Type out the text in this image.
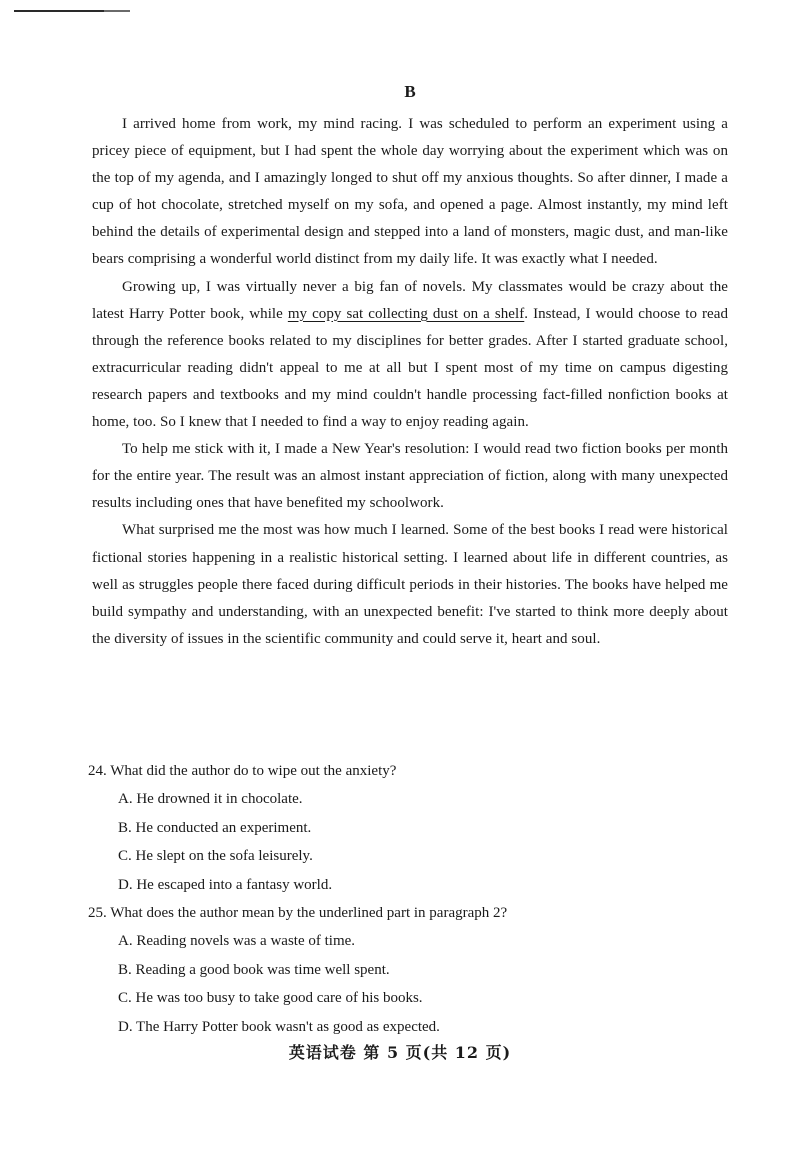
B

I arrived home from work, my mind racing. I was scheduled to perform an experiment using a pricey piece of equipment, but I had spent the whole day worrying about the experiment which was on the top of my agenda, and I amazingly longed to shut off my anxious thoughts. So after dinner, I made a cup of hot chocolate, stretched myself on my sofa, and opened a page. Almost instantly, my mind left behind the details of experimental design and stepped into a land of monsters, magic dust, and man-like bears comprising a wonderful world distinct from my daily life. It was exactly what I needed.

Growing up, I was virtually never a big fan of novels. My classmates would be crazy about the latest Harry Potter book, while my copy sat collecting dust on a shelf. Instead, I would choose to read through the reference books related to my disciplines for better grades. After I started graduate school, extracurricular reading didn't appeal to me at all but I spent most of my time on campus digesting research papers and textbooks and my mind couldn't handle processing fact-filled nonfiction books at home, too. So I knew that I needed to find a way to enjoy reading again.

To help me stick with it, I made a New Year's resolution: I would read two fiction books per month for the entire year. The result was an almost instant appreciation of fiction, along with many unexpected results including ones that have benefited my schoolwork.

What surprised me the most was how much I learned. Some of the best books I read were historical fictional stories happening in a realistic historical setting. I learned about life in different countries, as well as struggles people there faced during difficult periods in their histories. The books have helped me build sympathy and understanding, with an unexpected benefit: I've started to think more deeply about the diversity of issues in the scientific community and could serve it, heart and soul.

24. What did the author do to wipe out the anxiety?

A. He drowned it in chocolate.

B. He conducted an experiment.

C. He slept on the sofa leisurely.

D. He escaped into a fantasy world.

25. What does the author mean by the underlined part in paragraph 2?

A. Reading novels was a waste of time.

B. Reading a good book was time well spent.

C. He was too busy to take good care of his books.

D. The Harry Potter book wasn't as good as expected.

英语试卷 第 5 页(共 12 页)
